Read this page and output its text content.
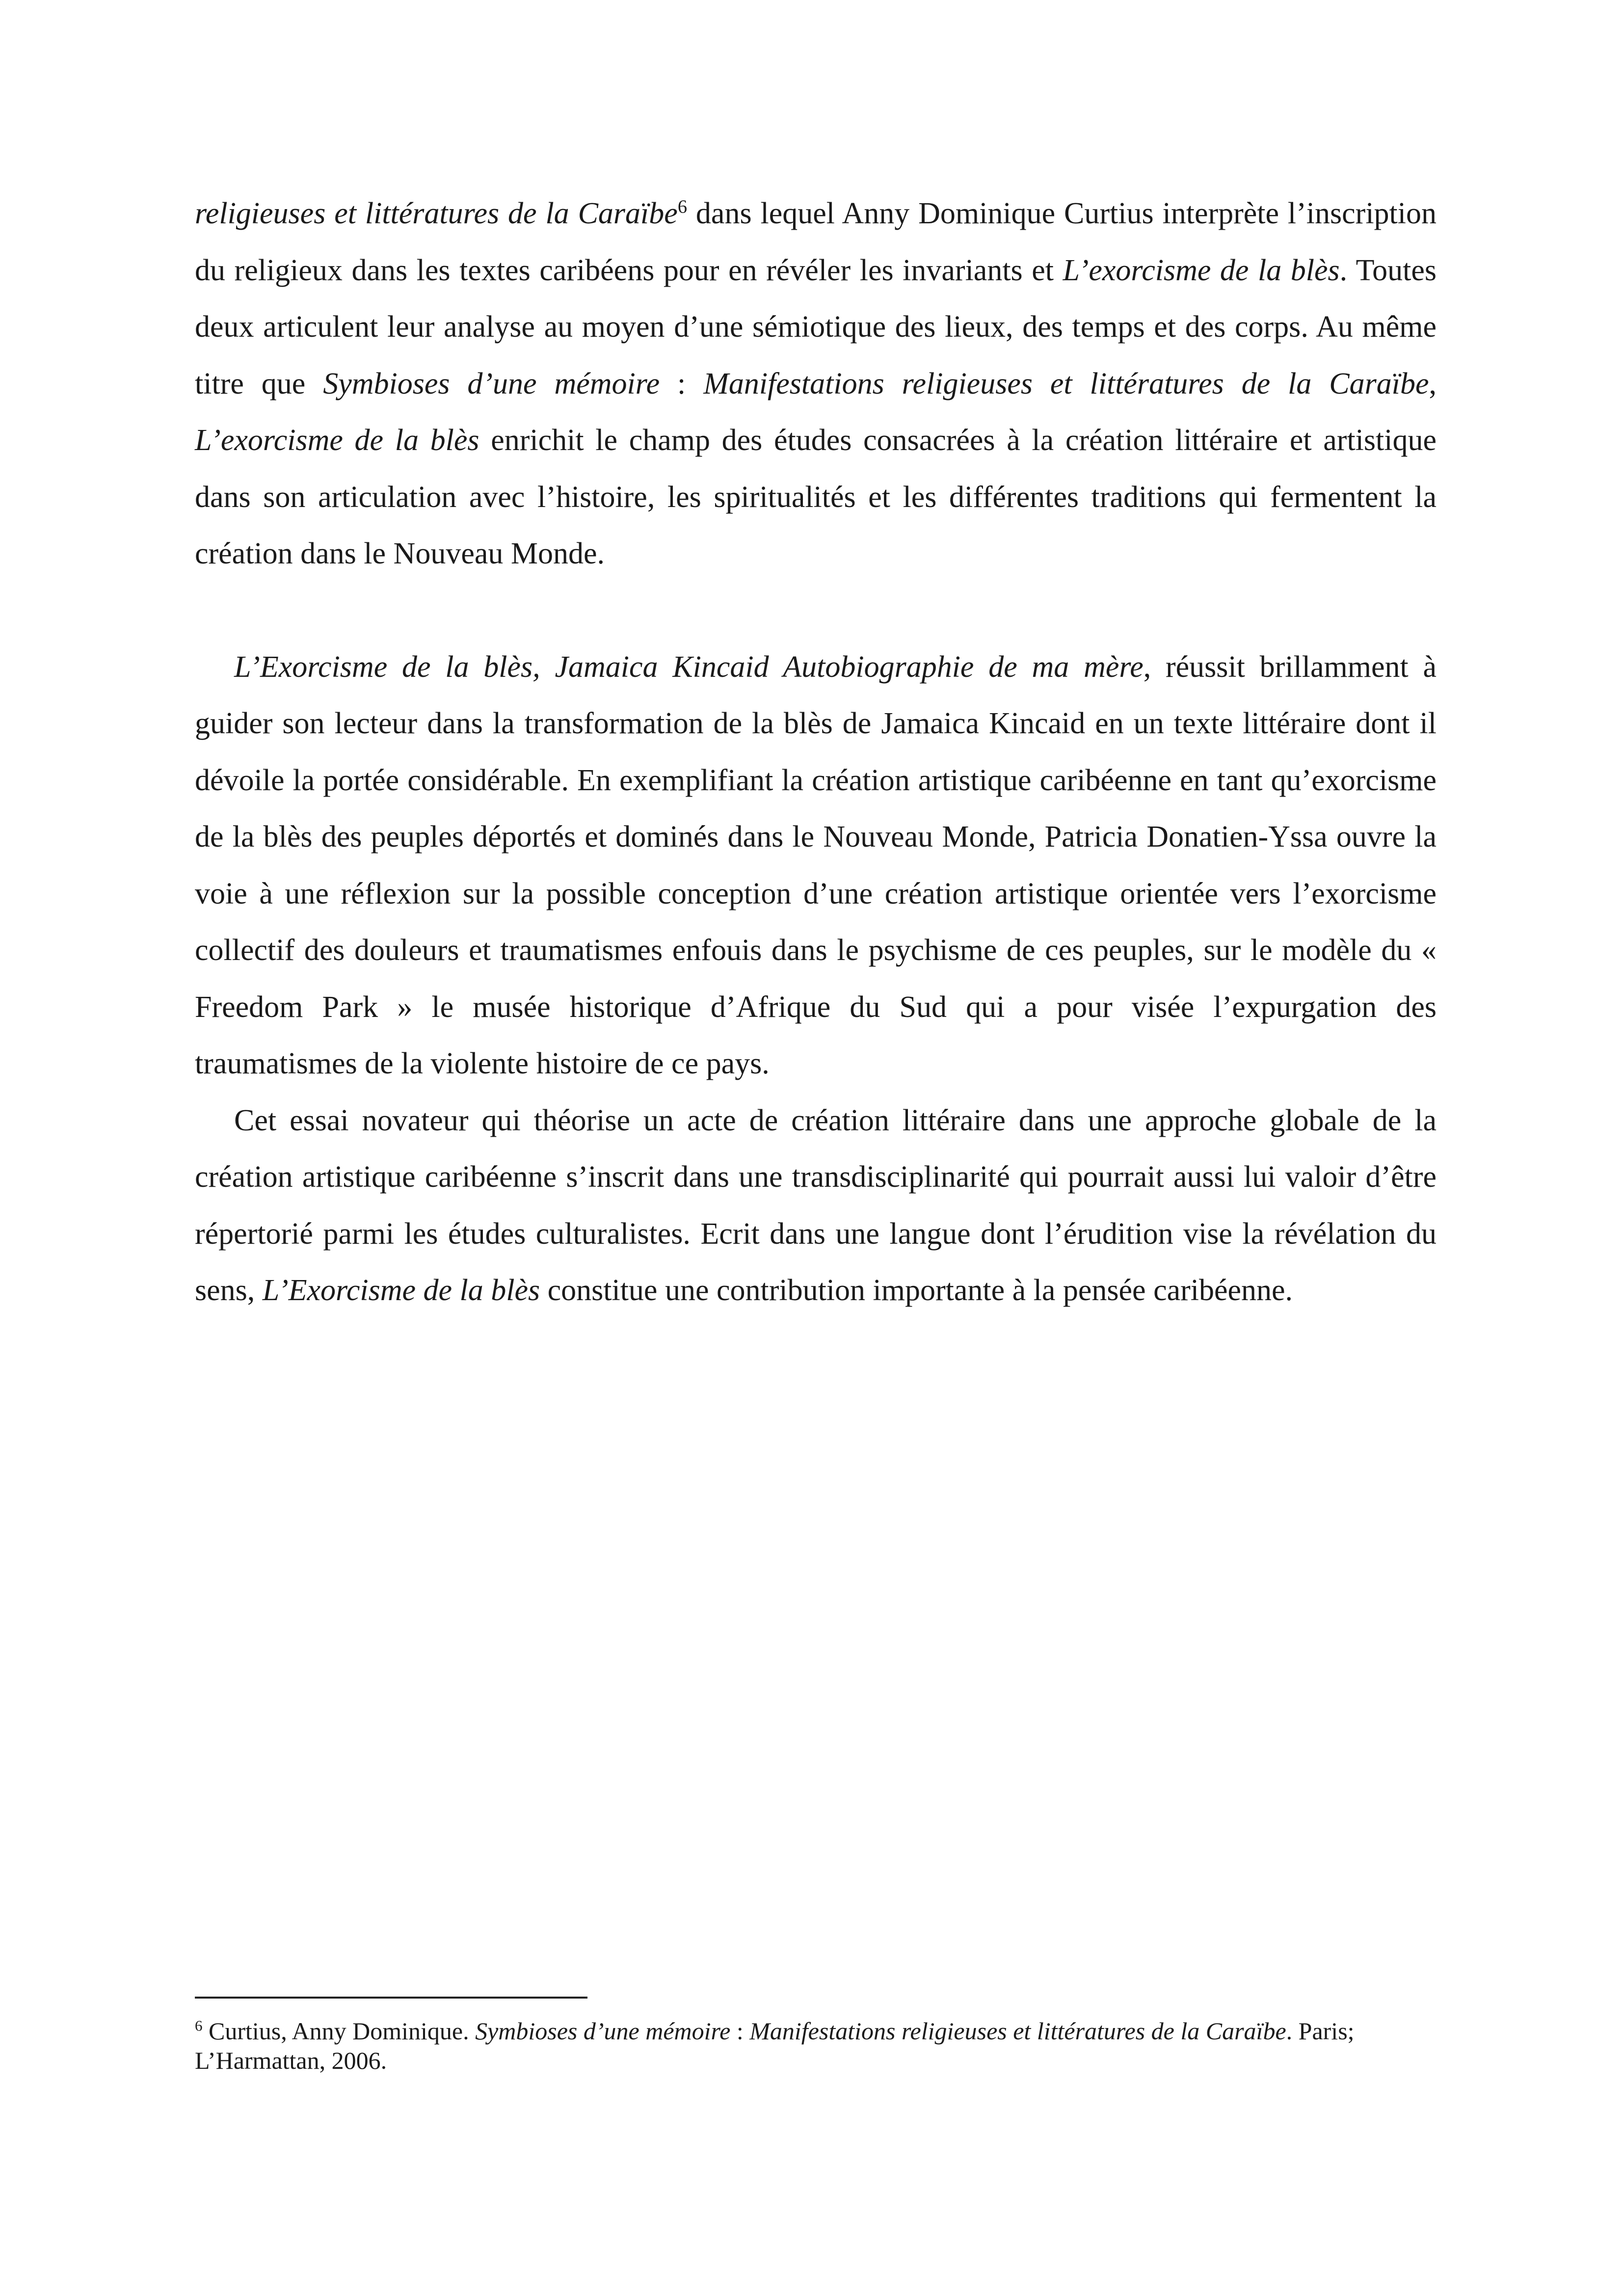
religieuses et littératures de la Caraïbe$^6$ dans lequel Anny Dominique Curtius interprète l’inscription du religieux dans les textes caribéens pour en révéler les invariants et L’exorcisme de la blès. Toutes deux articulent leur analyse au moyen d’une sémiotique des lieux, des temps et des corps. Au même titre que Symbioses d’une mémoire : Manifestations religieuses et littératures de la Caraïbe, L’exorcisme de la blès enrichit le champ des études consacrées à la création littéraire et artistique dans son articulation avec l’histoire, les spiritualités et les différentes traditions qui fermentent la création dans le Nouveau Monde.

L’Exorcisme de la blès, Jamaica Kincaid Autobiographie de ma mère, réussit brillamment à guider son lecteur dans la transformation de la blès de Jamaica Kincaid en un texte littéraire dont il dévoile la portée considérable. En exemplifiant la création artistique caribéenne en tant qu’exorcisme de la blès des peuples déportés et dominés dans le Nouveau Monde, Patricia Donatien-Yssa ouvre la voie à une réflexion sur la possible conception d’une création artistique orientée vers l’exorcisme collectif des douleurs et traumatismes enfouis dans le psychisme de ces peuples, sur le modèle du « Freedom Park » le musée historique d’Afrique du Sud qui a pour visée l’expurgation des traumatismes de la violente histoire de ce pays.

Cet essai novateur qui théorise un acte de création littéraire dans une approche globale de la création artistique caribéenne s’inscrit dans une transdisciplinarité qui pourrait aussi lui valoir d’être répertorié parmi les études culturalistes. Ecrit dans une langue dont l’érudition vise la révélation du sens, L’Exorcisme de la blès constitue une contribution importante à la pensée caribéenne.

$^6$ Curtius, Anny Dominique. Symbioses d’une mémoire : Manifestations religieuses et littératures de la Caraïbe. Paris; L’Harmattan, 2006.
